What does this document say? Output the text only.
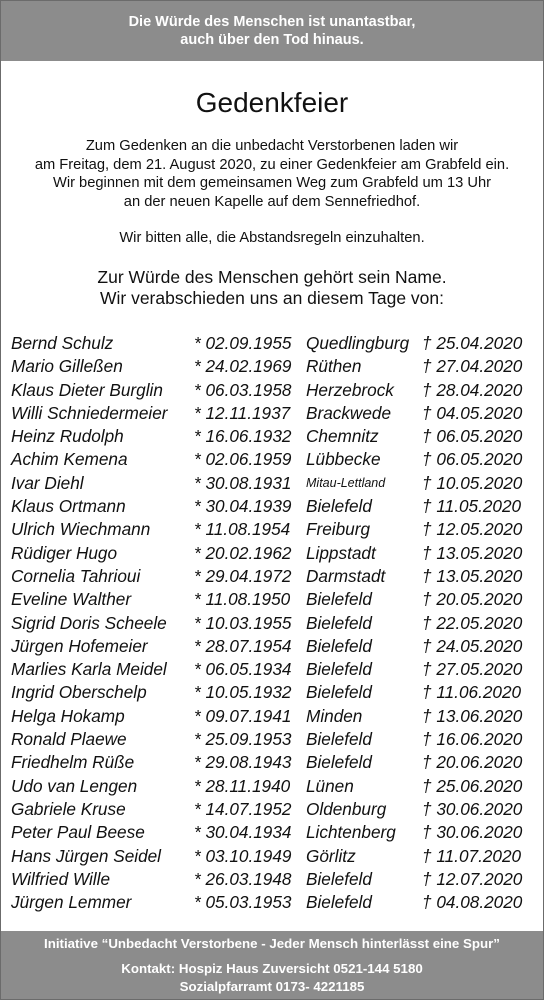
Die Würde des Menschen ist unantastbar,
auch über den Tod hinaus.
Gedenkfeier
Zum Gedenken an die unbedacht Verstorbenen laden wir
am Freitag, dem 21. August 2020, zu einer Gedenkfeier am Grabfeld ein.
Wir beginnen mit dem gemeinsamen Weg zum Grabfeld um 13 Uhr
an der neuen Kapelle auf dem Sennefriedhof.
Wir bitten alle, die Abstandsregeln einzuhalten.
Zur Würde des Menschen gehört sein Name.
Wir verabschieden uns an diesem Tage von:
Bernd Schulz	* 02.09.1955 Quedlingburg † 25.04.2020
Mario Gilleßen	* 24.02.1969 Rüthen	† 27.04.2020
Klaus Dieter Burglin * 06.03.1958 Herzebrock † 28.04.2020
Willi Schniedermeier * 12.11.1937 Brackwede † 04.05.2020
Heinz Rudolph	* 16.06.1932 Chemnitz	† 06.05.2020
Achim Kemena	* 02.06.1959 Lübbecke † 06.05.2020
Ivar Diehl	* 30.08.1931 Mitau-Lettland † 10.05.2020
Klaus Ortmann	* 30.04.1939 Bielefeld	† 11.05.2020
Ulrich Wiechmann	* 11.08.1954 Freiburg	† 12.05.2020
Rüdiger Hugo	* 20.02.1962 Lippstadt	† 13.05.2020
Cornelia Tahrioui	* 29.04.1972 Darmstadt † 13.05.2020
Eveline Walther	* 11.08.1950 Bielefeld	† 20.05.2020
Sigrid Doris Scheele * 10.03.1955 Bielefeld	† 22.05.2020
Jürgen Hofemeier	* 28.07.1954 Bielefeld	† 24.05.2020
Marlies Karla Meidel * 06.05.1934 Bielefeld	† 27.05.2020
Ingrid Oberschelp	* 10.05.1932 Bielefeld	† 11.06.2020
Helga Hokamp	* 09.07.1941 Minden	† 13.06.2020
Ronald Plaewe	* 25.09.1953 Bielefeld	† 16.06.2020
Friedhelm Rüße	* 29.08.1943 Bielefeld	† 20.06.2020
Udo van Lengen	* 28.11.1940 Lünen	† 25.06.2020
Gabriele Kruse	* 14.07.1952 Oldenburg † 30.06.2020
Peter Paul Beese	* 30.04.1934 Lichtenberg † 30.06.2020
Hans Jürgen Seidel * 03.10.1949 Görlitz	† 11.07.2020
Wilfried Wille	* 26.03.1948 Bielefeld	† 12.07.2020
Jürgen Lemmer	* 05.03.1953 Bielefeld	† 04.08.2020
Initiative “Unbedacht Verstorbene - Jeder Mensch hinterlässt eine Spur”
Kontakt: Hospiz Haus Zuversicht 0521-144 5180
Sozialpfarramt 0173- 4221185
